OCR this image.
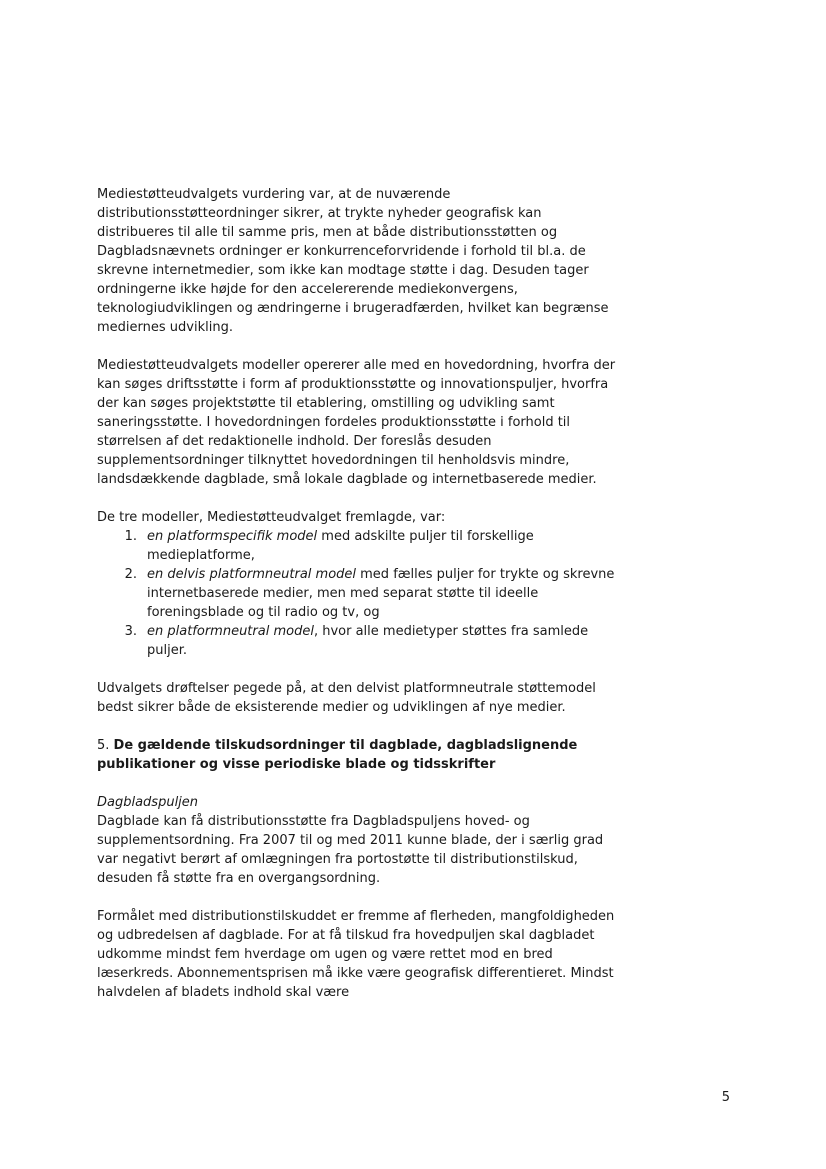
Mediestøtteudvalgets vurdering var, at de nuværende distributionsstøtteordninger sikrer, at trykte nyheder geografisk kan distribueres til alle til samme pris, men at både distributionsstøtten og Dagbladsnævnets ordninger er konkurrenceforvridende i forhold til bl.a. de skrevne internetmedier, som ikke kan modtage støtte i dag. Desuden tager ordningerne ikke højde for den accelererende mediekonvergens, teknologiudviklingen og ændringerne i brugeradfærden, hvilket kan begrænse mediernes udvikling.

Mediestøtteudvalgets modeller opererer alle med en hovedordning, hvorfra der kan søges driftsstøtte i form af produktionsstøtte og innovationspuljer, hvorfra der kan søges projektstøtte til etablering, omstilling og udvikling samt saneringsstøtte. I hovedordningen fordeles produktionsstøtte i forhold til størrelsen af det redaktionelle indhold. Der foreslås desuden supplementsordninger tilknyttet hovedordningen til henholdsvis mindre, landsdækkende dagblade, små lokale dagblade og internetbaserede medier.

De tre modeller, Mediestøtteudvalget fremlagde, var:

1. en platformspecifik model med adskilte puljer til forskellige medieplatforme,
2. en delvis platformneutral model med fælles puljer for trykte og skrevne internetbaserede medier, men med separat støtte til ideelle foreningsblade og til radio og tv, og
3. en platformneutral model, hvor alle medietyper støttes fra samlede puljer.

Udvalgets drøftelser pegede på, at den delvist platformneutrale støttemodel bedst sikrer både de eksisterende medier og udviklingen af nye medier.

5. De gældende tilskudsordninger til dagblade, dagbladslignende publikationer og visse periodiske blade og tidsskrifter

Dagbladspuljen

Dagblade kan få distributionsstøtte fra Dagbladspuljens hoved- og supplementsordning. Fra 2007 til og med 2011 kunne blade, der i særlig grad var negativt berørt af omlægningen fra portostøtte til distributionstilskud, desuden få støtte fra en overgangsordning.

Formålet med distributionstilskuddet er fremme af flerheden, mangfoldigheden og udbredelsen af dagblade. For at få tilskud fra hovedpuljen skal dagbladet udkomme mindst fem hverdage om ugen og være rettet mod en bred læserkreds. Abonnementsprisen må ikke være geografisk differentieret. Mindst halvdelen af bladets indhold skal være

5
